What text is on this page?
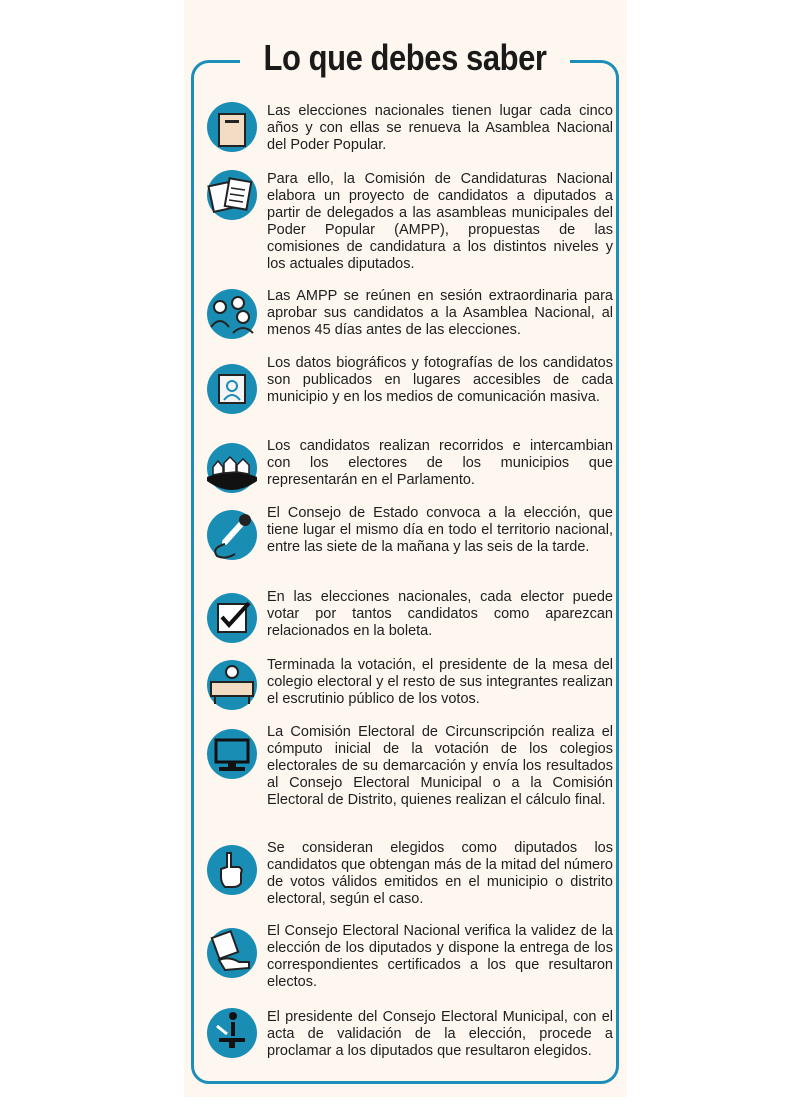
Lo que debes saber
Las elecciones nacionales tienen lugar cada cinco años y con ellas se renueva la Asamblea Nacional del Poder Popular.
Para ello, la Comisión de Candidaturas Nacional elabora un proyecto de candidatos a diputados a partir de delegados a las asambleas municipales del Poder Popular (AMPP), propuestas de las comisiones de candidatura a los distintos niveles y los actuales diputados.
Las AMPP se reúnen en sesión extraordinaria para aprobar sus candidatos a la Asamblea Nacional, al menos 45 días antes de las elecciones.
Los datos biográficos y fotografías de los candidatos son publicados en lugares accesibles de cada municipio y en los medios de comunicación masiva.
Los candidatos realizan recorridos e intercambian con los electores de los municipios que representarán en el Parlamento.
El Consejo de Estado convoca a la elección, que tiene lugar el mismo día en todo el territorio nacional, entre las siete de la mañana y las seis de la tarde.
En las elecciones nacionales, cada elector puede votar por tantos candidatos como aparezcan relacionados en la boleta.
Terminada la votación, el presidente de la mesa del colegio electoral y el resto de sus integrantes realizan el escrutinio público de los votos.
La Comisión Electoral de Circunscripción realiza el cómputo inicial de la votación de los colegios electorales de su demarcación y envía los resultados al Consejo Electoral Municipal o a la Comisión Electoral de Distrito, quienes realizan el cálculo final.
Se consideran elegidos como diputados los candidatos que obtengan más de la mitad del número de votos válidos emitidos en el municipio o distrito electoral, según el caso.
El Consejo Electoral Nacional verifica la validez de la elección de los diputados y dispone la entrega de los correspondientes certificados a los que resultaron electos.
El presidente del Consejo Electoral Municipal, con el acta de validación de la elección, procede a proclamar a los diputados que resultaron elegidos.
